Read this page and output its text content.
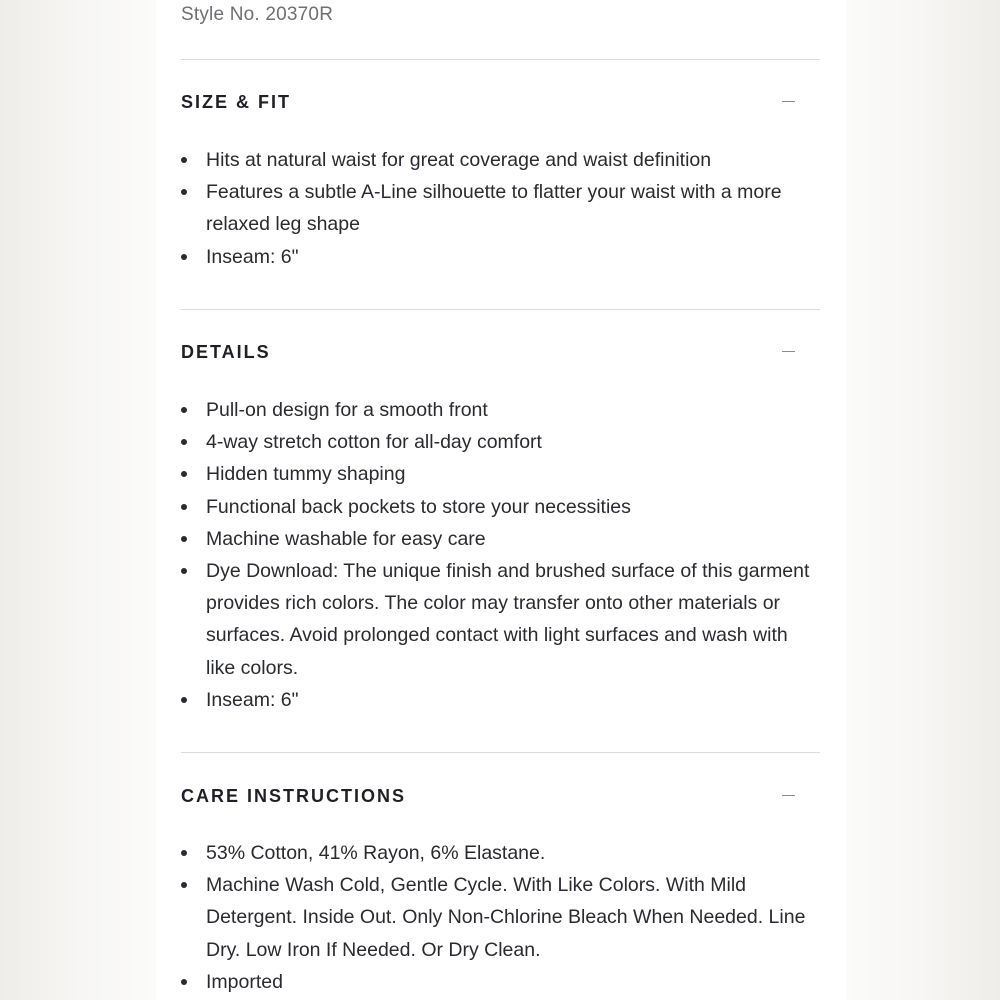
Style No. 20370R
SIZE & FIT
Hits at natural waist for great coverage and waist definition
Features a subtle A-Line silhouette to flatter your waist with a more relaxed leg shape
Inseam: 6"
DETAILS
Pull-on design for a smooth front
4-way stretch cotton for all-day comfort
Hidden tummy shaping
Functional back pockets to store your necessities
Machine washable for easy care
Dye Download: The unique finish and brushed surface of this garment provides rich colors. The color may transfer onto other materials or surfaces. Avoid prolonged contact with light surfaces and wash with like colors.
Inseam: 6"
CARE INSTRUCTIONS
53% Cotton, 41% Rayon, 6% Elastane.
Machine Wash Cold, Gentle Cycle. With Like Colors. With Mild Detergent. Inside Out. Only Non-Chlorine Bleach When Needed. Line Dry. Low Iron If Needed. Or Dry Clean.
Imported
